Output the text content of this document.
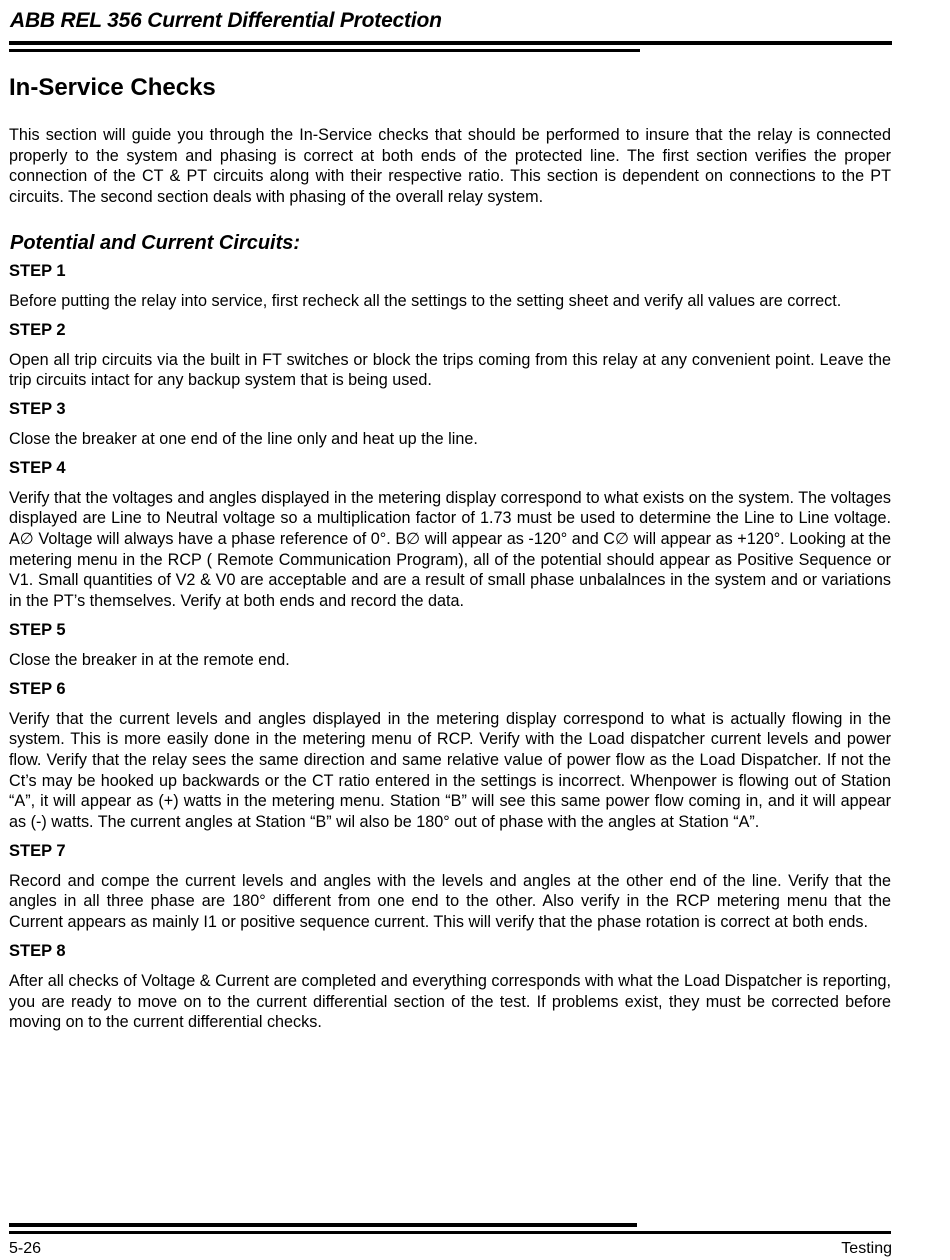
ABB REL 356 Current Differential Protection
In-Service Checks

This section will guide you through the In-Service checks that should be performed to insure that the relay is connected properly to the system and phasing is correct at both ends of the protected line. The first section verifies the proper connection of the CT & PT circuits along with their respective ratio. This section is dependent on connections to the PT circuits. The second section deals with phasing of the overall relay system.

Potential and Current Circuits:
STEP 1

Before putting the relay into service, first recheck all the settings to the setting sheet and verify all values are correct.

STEP 2

Open all trip circuits via the built in FT switches or block the trips coming from this relay at any convenient point. Leave the trip circuits intact for any backup system that is being used.

STEP 3

Close the breaker at one end of the line only and heat up the line.

STEP 4

Verify that the voltages and angles displayed in the metering display correspond to what exists on the system. The voltages displayed are Line to Neutral voltage so a multiplication factor of 1.73 must be used to determine the Line to Line voltage. A∅ Voltage will always have a phase reference of 0°. B∅ will appear as -120° and C∅ will appear as +120°. Looking at the metering menu in the RCP ( Remote Communication Program), all of the potential should appear as Positive Sequence or V1. Small quantities of V2 & V0 are acceptable and are a result of small phase unbalalnces in the system and or variations in the PT’s themselves. Verify at both ends and record the data.

STEP 5

Close the breaker in at the remote end.

STEP 6

Verify that the current levels and angles displayed in the metering display correspond to what is actually flowing in the system. This is more easily done in the metering menu of RCP. Verify with the Load dispatcher current levels and power flow. Verify that the relay sees the same direction and same relative value of power flow as the Load Dispatcher. If not the Ct’s may be hooked up backwards or the CT ratio entered in the settings is incorrect. Whenpower is flowing out of Station “A”, it will appear as (+) watts in the metering menu. Station “B” will see this same power flow coming in, and it will appear as (-) watts. The current angles at Station “B” wil also be 180° out of phase with the angles at Station “A”.

STEP 7

Record and compe the current levels and angles with the levels and angles at the other end of the line. Verify that the angles in all three phase are 180° different from one end to the other. Also verify in the RCP metering menu that the Current appears as mainly I1 or positive sequence current. This will verify that the phase rotation is correct at both ends.

STEP 8

After all checks of Voltage & Current are completed and everything corresponds with what the Load Dispatcher is reporting, you are ready to move on to the current differential section of the test. If problems exist, they must be corrected before moving on to the current differential checks.

5-26	Testing
